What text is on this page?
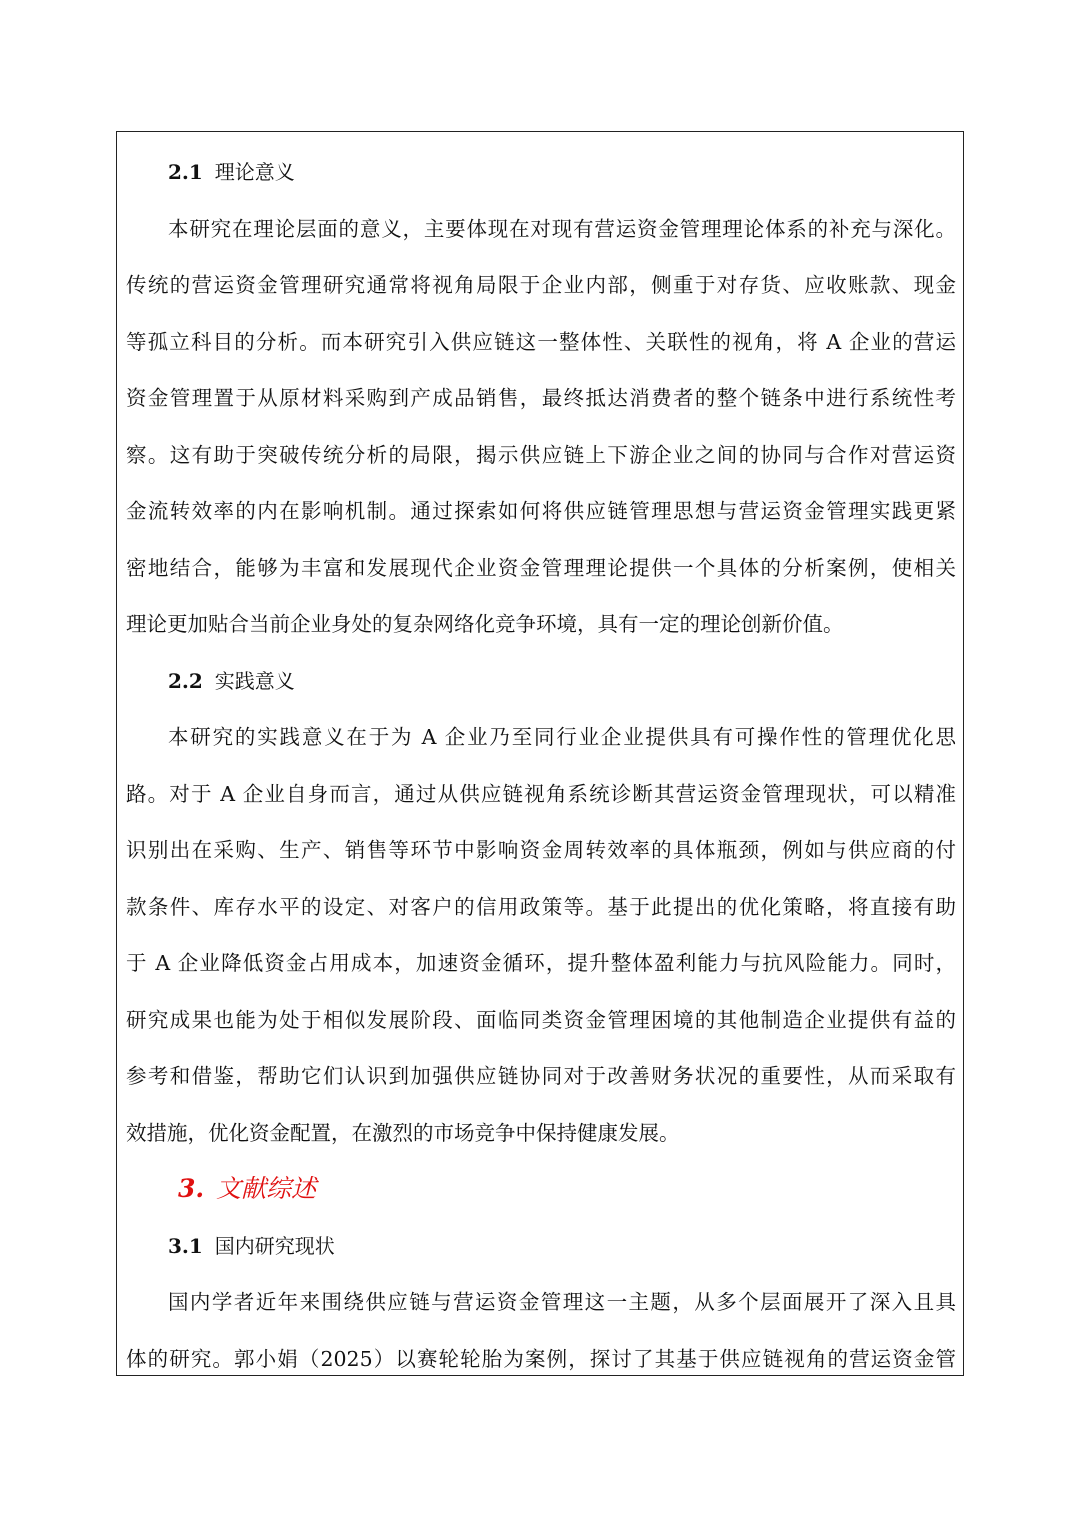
2.1 理论意义
本研究在理论层面的意义，主要体现在对现有营运资金管理理论体系的补充与深化。
传统的营运资金管理研究通常将视角局限于企业内部，侧重于对存货、应收账款、现金
等孤立科目的分析。而本研究引入供应链这一整体性、关联性的视角，将 A 企业的营运
资金管理置于从原材料采购到产成品销售，最终抵达消费者的整个链条中进行系统性考
察。这有助于突破传统分析的局限，揭示供应链上下游企业之间的协同与合作对营运资
金流转效率的内在影响机制。通过探索如何将供应链管理思想与营运资金管理实践更紧
密地结合，能够为丰富和发展现代企业资金管理理论提供一个具体的分析案例，使相关
理论更加贴合当前企业身处的复杂网络化竞争环境，具有一定的理论创新价值。
2.2 实践意义
本研究的实践意义在于为 A 企业乃至同行业企业提供具有可操作性的管理优化思
路。对于 A 企业自身而言，通过从供应链视角系统诊断其营运资金管理现状，可以精准
识别出在采购、生产、销售等环节中影响资金周转效率的具体瓶颈，例如与供应商的付
款条件、库存水平的设定、对客户的信用政策等。基于此提出的优化策略，将直接有助
于 A 企业降低资金占用成本，加速资金循环，提升整体盈利能力与抗风险能力。同时，
研究成果也能为处于相似发展阶段、面临同类资金管理困境的其他制造企业提供有益的
参考和借鉴，帮助它们认识到加强供应链协同对于改善财务状况的重要性，从而采取有
效措施，优化资金配置，在激烈的市场竞争中保持健康发展。
3. 文献综述
3.1 国内研究现状
国内学者近年来围绕供应链与营运资金管理这一主题，从多个层面展开了深入且具
体的研究。郭小娟（2025）以赛轮轮胎为案例，探讨了其基于供应链视角的营运资金管
